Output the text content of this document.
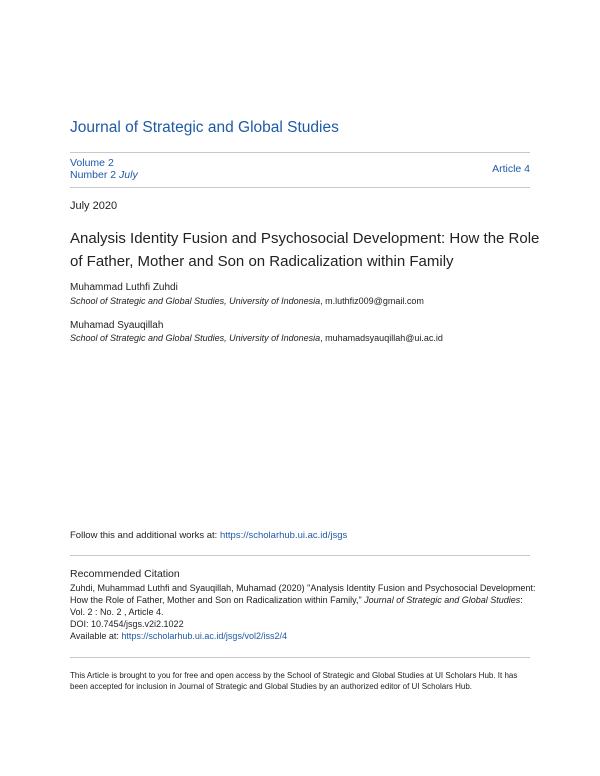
Journal of Strategic and Global Studies
Volume 2
Number 2 July	Article 4
July 2020
Analysis Identity Fusion and Psychosocial Development: How the Role of Father, Mother and Son on Radicalization within Family
Muhammad Luthfi Zuhdi
School of Strategic and Global Studies, University of Indonesia, m.luthfiz009@gmail.com
Muhamad Syauqillah
School of Strategic and Global Studies, University of Indonesia, muhamadsyauqillah@ui.ac.id
Follow this and additional works at: https://scholarhub.ui.ac.id/jsgs
Recommended Citation
Zuhdi, Muhammad Luthfi and Syauqillah, Muhamad (2020) "Analysis Identity Fusion and Psychosocial Development: How the Role of Father, Mother and Son on Radicalization within Family," Journal of Strategic and Global Studies: Vol. 2 : No. 2 , Article 4.
DOI: 10.7454/jsgs.v2i2.1022
Available at: https://scholarhub.ui.ac.id/jsgs/vol2/iss2/4
This Article is brought to you for free and open access by the School of Strategic and Global Studies at UI Scholars Hub. It has been accepted for inclusion in Journal of Strategic and Global Studies by an authorized editor of UI Scholars Hub.
